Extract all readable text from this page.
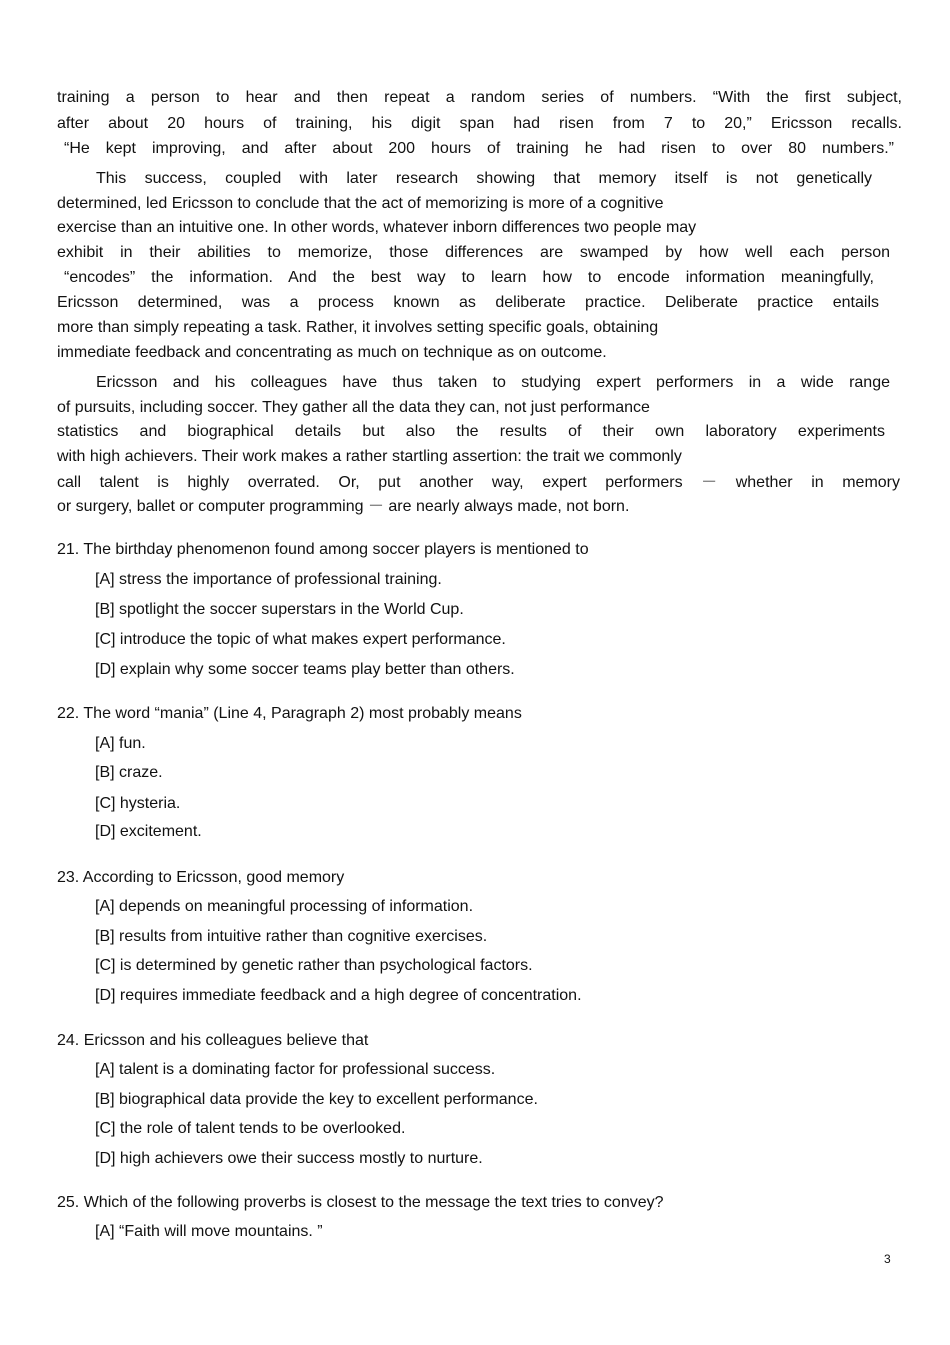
training a person to hear and then repeat a random series of numbers. “With the first subject,
after about 20 hours of training, his digit span had risen from 7 to 20,” Ericsson recalls.
“He kept improving, and after about 200 hours of training he had risen to over 80 numbers.”
This success, coupled with later research showing that memory itself is not genetically
determined, led Ericsson to conclude that the act of memorizing is more of a cognitive
exercise than an intuitive one. In other words, whatever inborn differences two people may
exhibit in their abilities to memorize, those differences are swamped by how well each person
“encodes” the information. And the best way to learn how to encode information meaningfully,
Ericsson determined, was a process known as deliberate practice. Deliberate practice entails
more than simply repeating a task. Rather, it involves setting specific goals, obtaining
immediate feedback and concentrating as much on technique as on outcome.
Ericsson and his colleagues have thus taken to studying expert performers in a wide range
of pursuits, including soccer. They gather all the data they can, not just performance
statistics and biographical details but also the results of their own laboratory experiments
with high achievers. Their work makes a rather startling assertion: the trait we commonly
call talent is highly overrated. Or, put another way, expert performers － whether in memory
or surgery, ballet or computer programming － are nearly always made, not born.
21. The birthday phenomenon found among soccer players is mentioned to
[A] stress the importance of professional training.
[B] spotlight the soccer superstars in the World Cup.
[C] introduce the topic of what makes expert performance.
[D] explain why some soccer teams play better than others.
22. The word “mania” (Line 4, Paragraph 2) most probably means
[A] fun.
[B] craze.
[C] hysteria.
[D] excitement.
23. According to Ericsson, good memory
[A] depends on meaningful processing of information.
[B] results from intuitive rather than cognitive exercises.
[C] is determined by genetic rather than psychological factors.
[D] requires immediate feedback and a high degree of concentration.
24. Ericsson and his colleagues believe that
[A] talent is a dominating factor for professional success.
[B] biographical data provide the key to excellent performance.
[C] the role of talent tends to be overlooked.
[D] high achievers owe their success mostly to nurture.
25. Which of the following proverbs is closest to the message the text tries to convey?
[A] “Faith will move mountains. ”
3
